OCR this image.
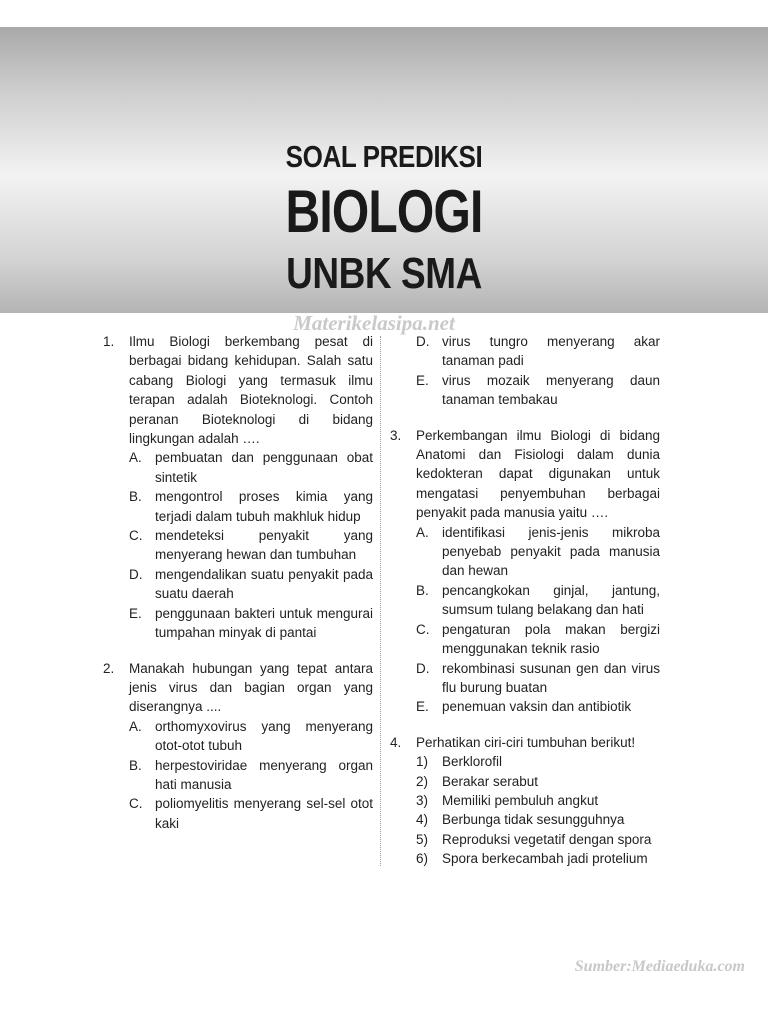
SOAL PREDIKSI
BIOLOGI
UNBK SMA
Materikelasipa.net
1. Ilmu Biologi berkembang pesat di berbagai bidang kehidupan. Salah satu cabang Biologi yang termasuk ilmu terapan adalah Bioteknologi. Contoh peranan Bioteknologi di bidang lingkungan adalah ….
A. pembuatan dan penggunaan obat sintetik
B. mengontrol proses kimia yang terjadi dalam tubuh makhluk hidup
C. mendeteksi penyakit yang menyerang hewan dan tumbuhan
D. mengendalikan suatu penyakit pada suatu daerah
E. penggunaan bakteri untuk mengurai tumpahan minyak di pantai
2. Manakah hubungan yang tepat antara jenis virus dan bagian organ yang diserangnya ....
A. orthomyxovirus yang menyerang otot-otot tubuh
B. herpestoviridae menyerang organ hati manusia
C. poliomyelitis menyerang sel-sel otot kaki
D. virus tungro menyerang akar tanaman padi
E. virus mozaik menyerang daun tanaman tembakau
3. Perkembangan ilmu Biologi di bidang Anatomi dan Fisiologi dalam dunia kedokteran dapat digunakan untuk mengatasi penyembuhan berbagai penyakit pada manusia yaitu ….
A. identifikasi jenis-jenis mikroba penyebab penyakit pada manusia dan hewan
B. pencangkokan ginjal, jantung, sumsum tulang belakang dan hati
C. pengaturan pola makan bergizi menggunakan teknik rasio
D. rekombinasi susunan gen dan virus flu burung buatan
E. penemuan vaksin dan antibiotik
4. Perhatikan ciri-ciri tumbuhan berikut!
1) Berklorofil
2) Berakar serabut
3) Memiliki pembuluh angkut
4) Berbunga tidak sesungguhnya
5) Reproduksi vegetatif dengan spora
6) Spora berkecambah jadi protelium
Sumber:Mediaeduka.com
